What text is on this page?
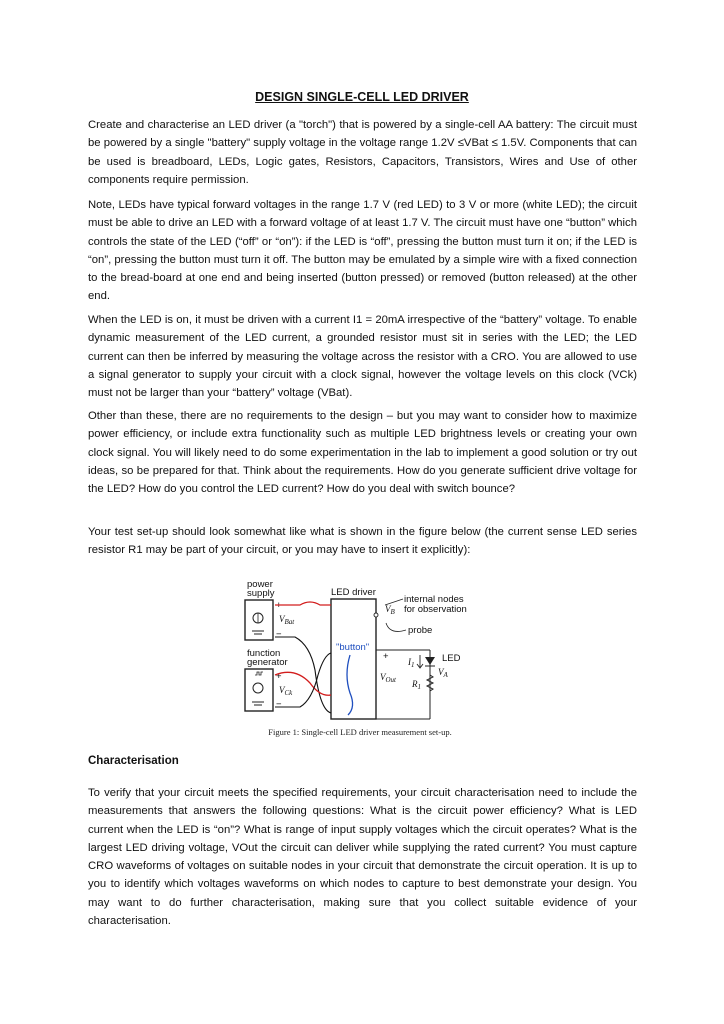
DESIGN SINGLE-CELL LED DRIVER

Create and characterise an LED driver (a "torch") that is powered by a single-cell AA battery: The circuit must be powered by a single "battery" supply voltage in the voltage range 1.2V ≤VBat ≤ 1.5V. Components that can be used is breadboard, LEDs, Logic gates, Resistors, Capacitors, Transistors, Wires and Use of other components require permission.

Note, LEDs have typical forward voltages in the range 1.7 V (red LED) to 3 V or more (white LED); the circuit must be able to drive an LED with a forward voltage of at least 1.7 V. The circuit must have one “button” which controls the state of the LED (“off” or “on”): if the LED is “off”, pressing the button must turn it on; if the LED is “on”, pressing the button must turn it off. The button may be emulated by a simple wire with a fixed connection to the bread-board at one end and being inserted (button pressed) or removed (button released) at the other end.

When the LED is on, it must be driven with a current I1 = 20mA irrespective of the “battery” voltage. To enable dynamic measurement of the LED current, a grounded resistor must sit in series with the LED; the LED current can then be inferred by measuring the voltage across the resistor with a CRO. You are allowed to use a signal generator to supply your circuit with a clock signal, however the voltage levels on this clock (VCk) must not be larger than your “battery” voltage (VBat).

Other than these, there are no requirements to the design – but you may want to consider how to maximize power efficiency, or include extra functionality such as multiple LED brightness levels or creating your own clock signal. You will likely need to do some experimentation in the lab to implement a good solution or try out ideas, so be prepared for that. Think about the requirements. How do you generate sufficient drive voltage for the LED? How do you control the LED current? How do you deal with switch bounce?

Your test set-up should look somewhat like what is shown in the figure below (the current sense LED series resistor R1 may be part of your circuit, or you may have to insert it explicitly):

power
supply
+
−
$V_{Bat}$
LED driver
internal nodes
for observation
$V_B$
probe
"button"
function
generator
+
−
$V_{Ck}$
+
$V_{Out}$
$I_1$
LED
$V_A$
$R_1$
Figure 1: Single-cell LED driver measurement set-up.
Characterisation

To verify that your circuit meets the specified requirements, your circuit characterisation need to include the measurements that answers the following questions: What is the circuit power efficiency? What is LED current when the LED is “on”? What is range of input supply voltages which the circuit operates? What is the largest LED driving voltage, VOut the circuit can deliver while supplying the rated current? You must capture CRO waveforms of voltages on suitable nodes in your circuit that demonstrate the circuit operation. It is up to you to identify which voltages waveforms on which nodes to capture to best demonstrate your design. You may want to do further characterisation, making sure that you collect suitable evidence of your characterisation.
